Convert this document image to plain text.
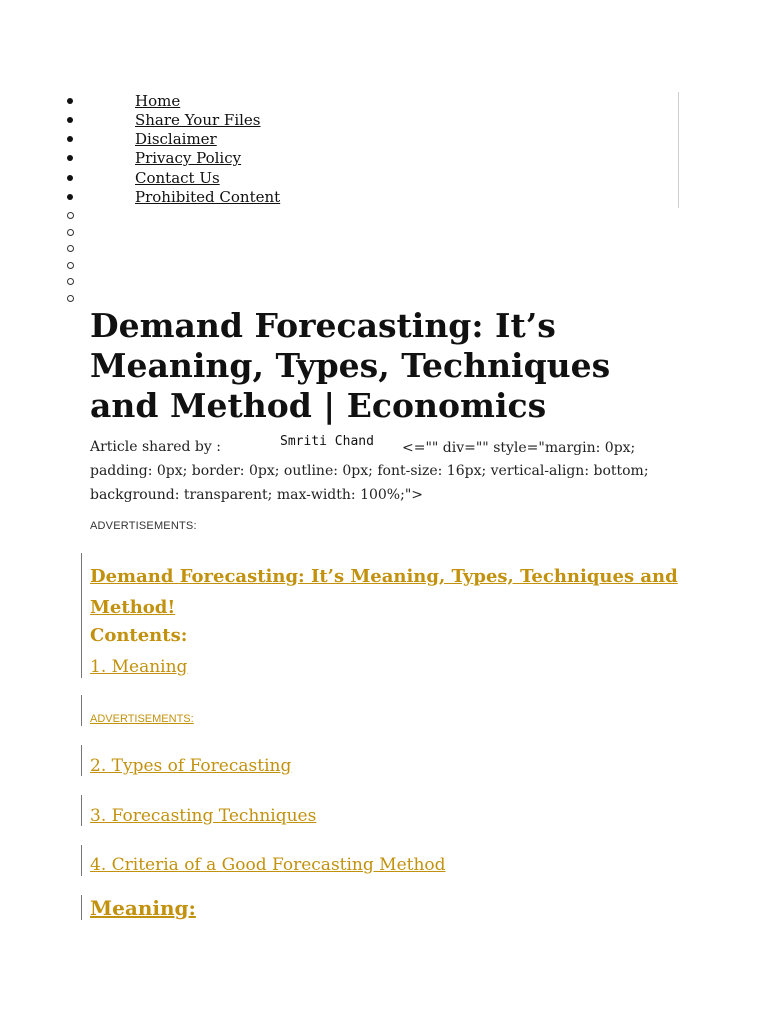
Home
Share Your Files
Disclaimer
Privacy Policy
Contact Us
Prohibited Content
Demand Forecasting: It’s Meaning, Types, Techniques and Method | Economics
Article shared by :	Smriti Chand <="" div="" style="margin: 0px;
padding: 0px; border: 0px; outline: 0px; font-size: 16px; vertical-align: bottom;
background: transparent; max-width: 100%;">
ADVERTISEMENTS:
Demand Forecasting: It’s Meaning, Types, Techniques and Method!
Contents:
1. Meaning
ADVERTISEMENTS:
2. Types of Forecasting
3. Forecasting Techniques
4. Criteria of a Good Forecasting Method
Meaning:
